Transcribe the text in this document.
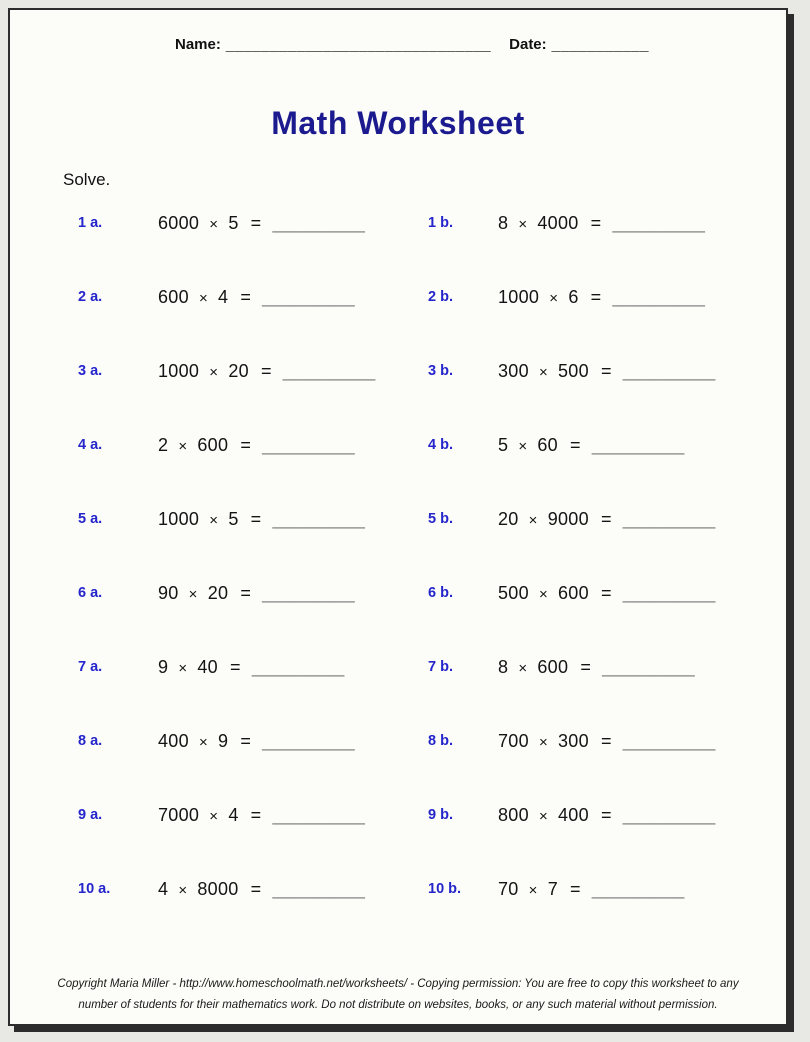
Name: ______________________________ Date: ___________
Math Worksheet
Solve.
1 a.	6000 × 5 = _________	1 b.	8 × 4000 = _________
2 a.	600 × 4 = _________	2 b.	1000 × 6 = _________
3 a.	1000 × 20 = _________	3 b.	300 × 500 = _________
4 a.	2 × 600 = _________	4 b.	5 × 60 = _________
5 a.	1000 × 5 = _________	5 b.	20 × 9000 = _________
6 a.	90 × 20 = _________	6 b.	500 × 600 = _________
7 a.	9 × 40 = _________	7 b.	8 × 600 = _________
8 a.	400 × 9 = _________	8 b.	700 × 300 = _________
9 a.	7000 × 4 = _________	9 b.	800 × 400 = _________
10 a.	4 × 8000 = _________	10 b.	70 × 7 = _________
Copyright Maria Miller - http://www.homeschoolmath.net/worksheets/ - Copying permission: You are free to copy this worksheet to any
number of students for their mathematics work. Do not distribute on websites, books, or any such material without permission.
